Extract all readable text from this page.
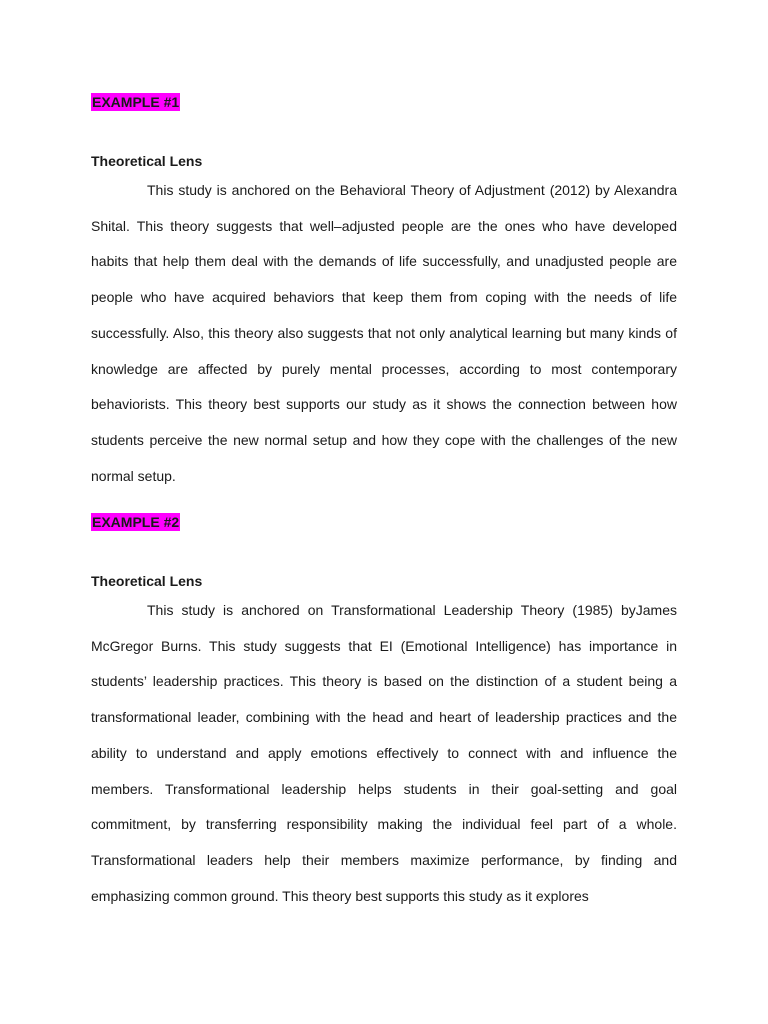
EXAMPLE #1
Theoretical Lens

This study is anchored on the Behavioral Theory of Adjustment (2012) by Alexandra Shital. This theory suggests that well–adjusted people are the ones who have developed habits that help them deal with the demands of life successfully, and unadjusted people are people who have acquired behaviors that keep them from coping with the needs of life successfully. Also, this theory also suggests that not only analytical learning but many kinds of knowledge are affected by purely mental processes, according to most contemporary behaviorists. This theory best supports our study as it shows the connection between how students perceive the new normal setup and how they cope with the challenges of the new normal setup.

EXAMPLE #2
Theoretical Lens

This study is anchored on Transformational Leadership Theory (1985) byJames McGregor Burns. This study suggests that EI (Emotional Intelligence) has importance in students’ leadership practices. This theory is based on the distinction of a student being a transformational leader, combining with the head and heart of leadership practices and the ability to understand and apply emotions effectively to connect with and influence the members. Transformational leadership helps students in their goal-setting and goal commitment, by transferring responsibility making the individual feel part of a whole. Transformational leaders help their members maximize performance, by finding and emphasizing common ground. This theory best supports this study as it explores
